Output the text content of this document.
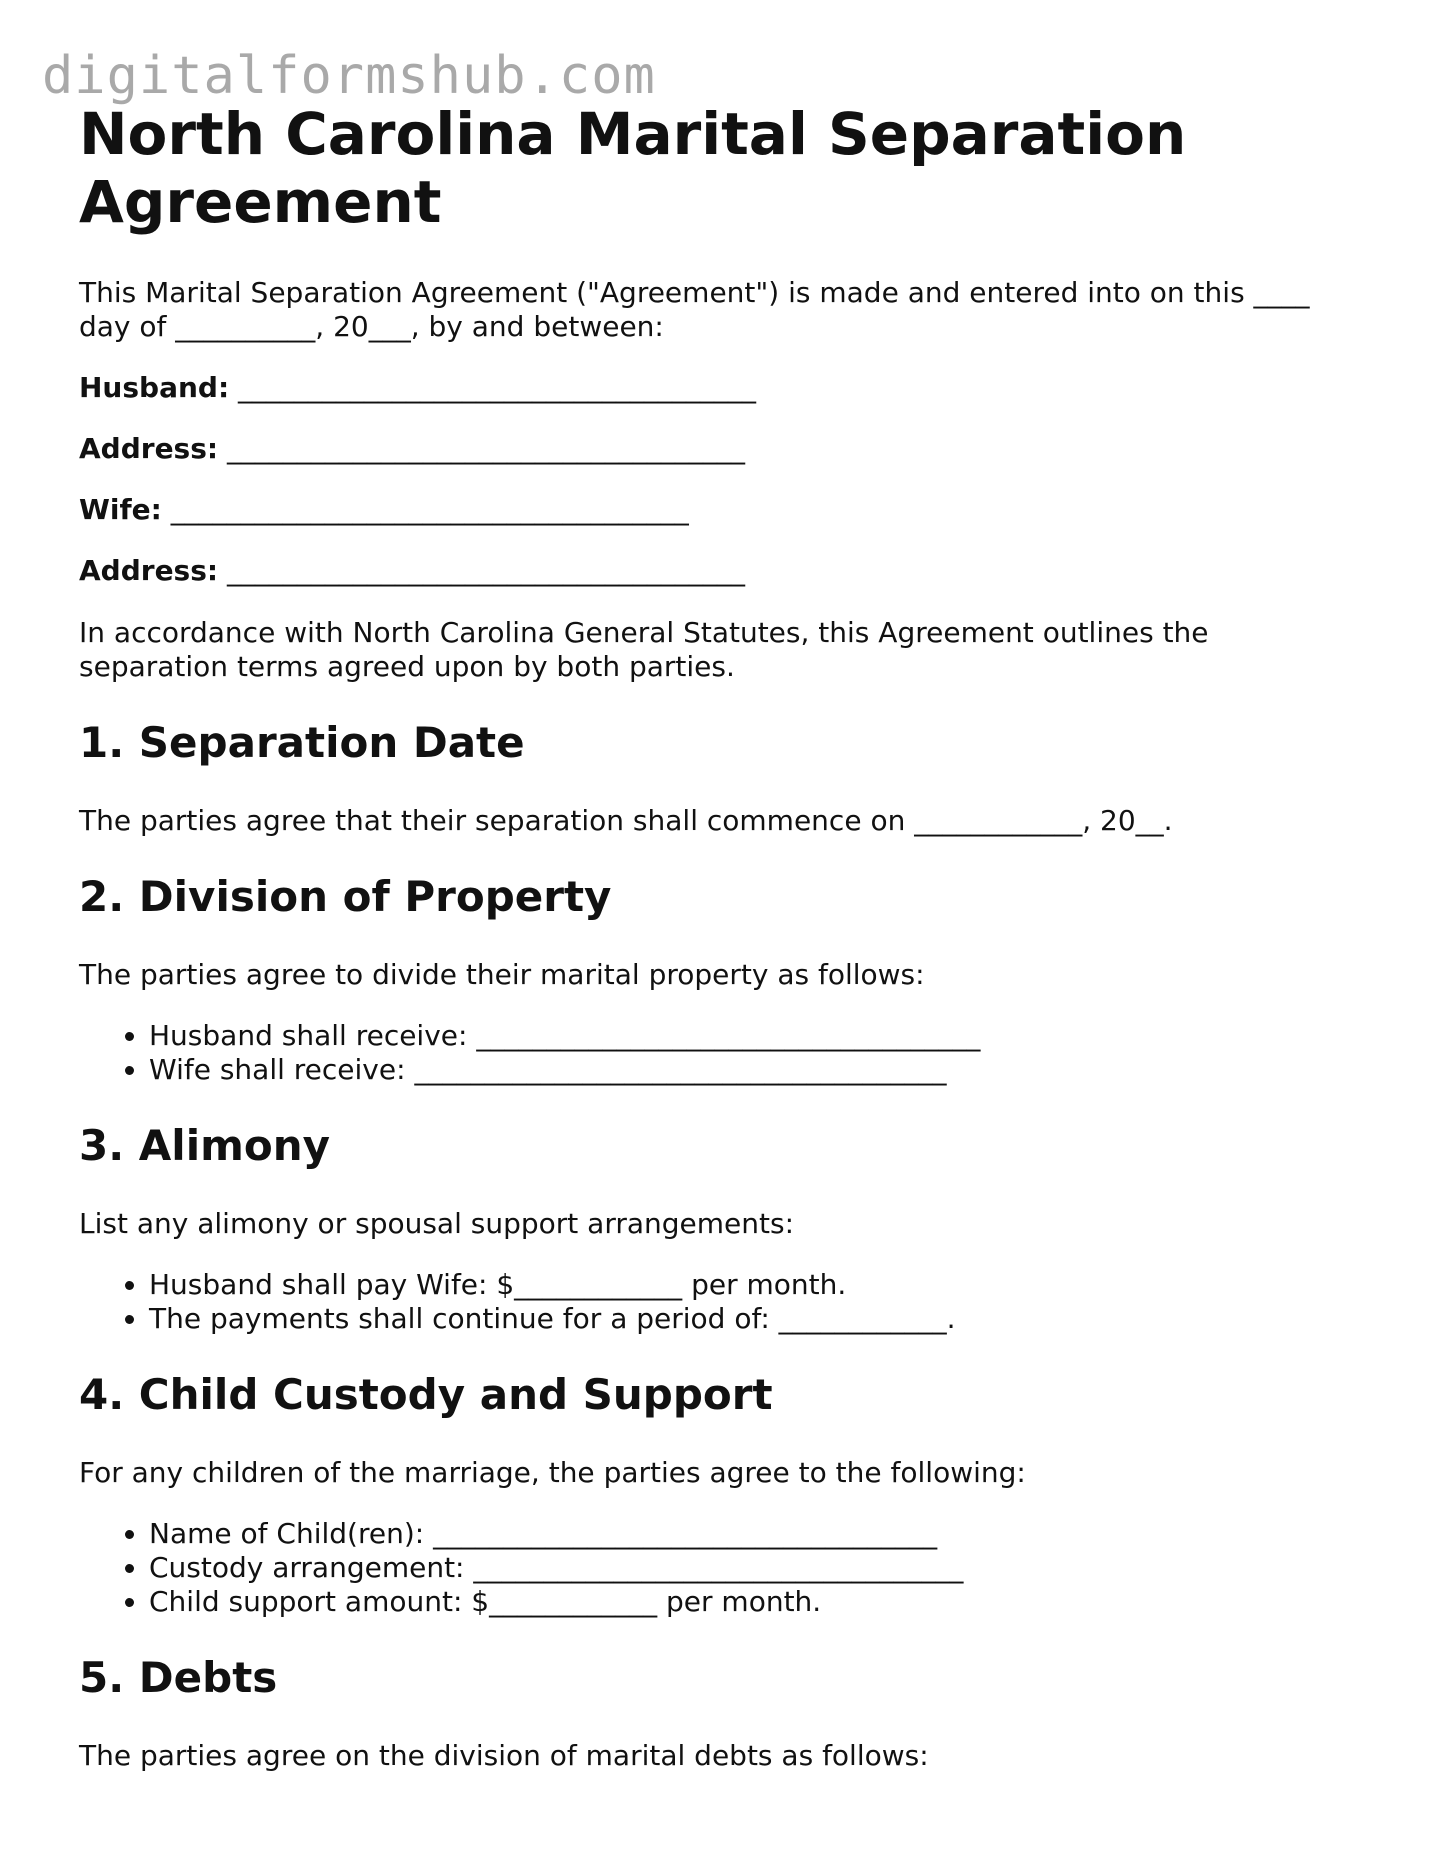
digitalformshub.com
North Carolina Marital Separation Agreement

This Marital Separation Agreement ("Agreement") is made and entered into on this ____ day of __________, 20___, by and between:

Husband: _____________________________________
Address: _____________________________________
Wife: _____________________________________
Address: _____________________________________

In accordance with North Carolina General Statutes, this Agreement outlines the separation terms agreed upon by both parties.

1. Separation Date

The parties agree that their separation shall commence on ____________, 20__.

2. Division of Property

The parties agree to divide their marital property as follows:

• Husband shall receive: ____________________________________
• Wife shall receive: ______________________________________
3. Alimony

List any alimony or spousal support arrangements:

• Husband shall pay Wife: $____________ per month.
• The payments shall continue for a period of: ____________.
4. Child Custody and Support

For any children of the marriage, the parties agree to the following:

• Name of Child(ren): ____________________________________
• Custody arrangement: ___________________________________
• Child support amount: $____________ per month.
5. Debts

The parties agree on the division of marital debts as follows:
